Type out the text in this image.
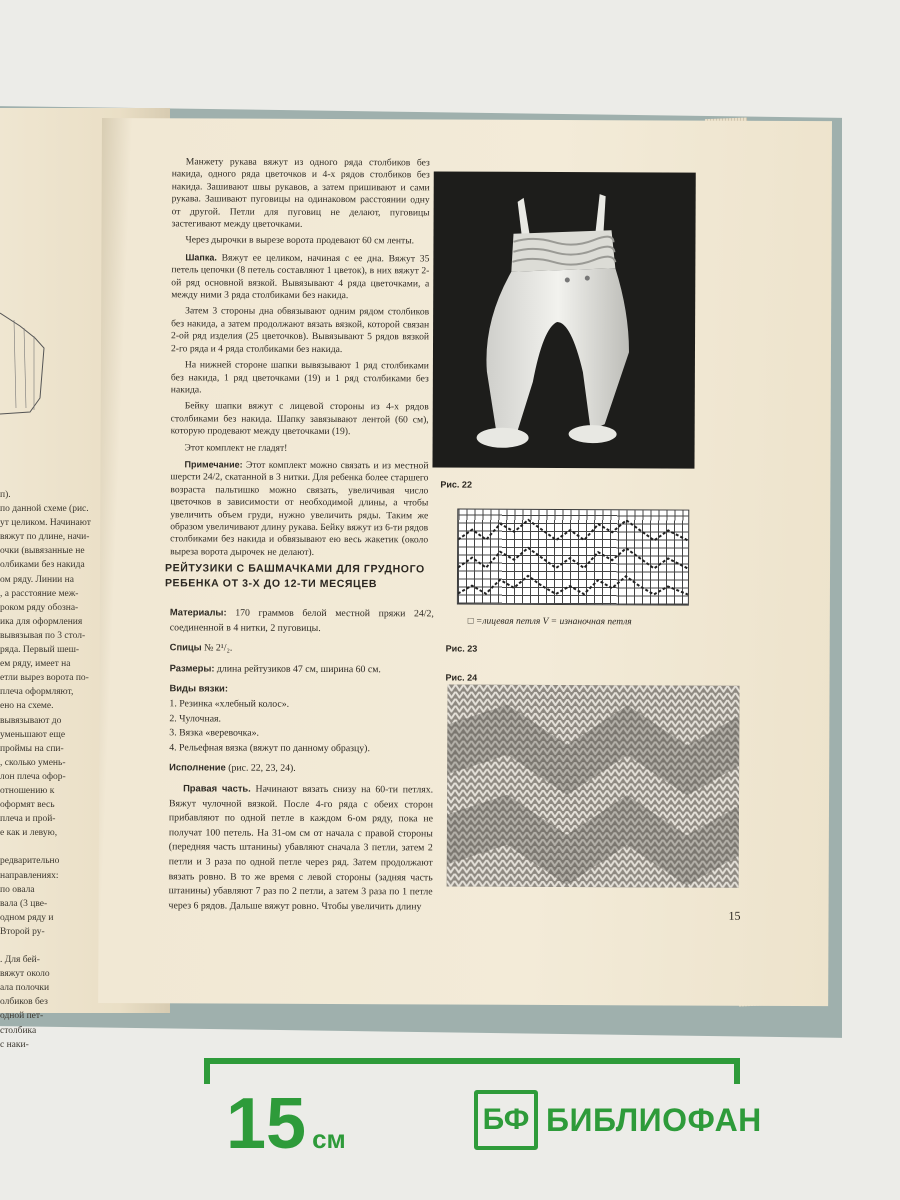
п).
по данной схеме (рис.
ут целиком. Начинают
вяжут по длине, начи-
очки (вывязанные не
олбиками без накида
ом ряду. Линии на
, а расстояние меж-
роком ряду обозна-
ика для оформления
вывязывая по 3 стол-
ряда. Первый шеш-
ем ряду, имеет на
етли вырез ворота по-
плеча оформляют,
ено на схеме.
вывязывают до
уменьшают еще
проймы на спи-
, сколько умень-
лон плеча офор-
отношению к
оформят весь
плеча и прой-
е как и левую,

редварительно
направлениях:
по овала
вала (3 цве-
одном ряду и
Второй ру-

. Для бей-
вяжут около
ала полочки
олбиков без
одной пет-
столбика
с наки-

Манжету рукава вяжут из одного ряда столбиков без накида, одного ряда цветочков и 4-х рядов столбиков без накида. Зашивают швы рукавов, а затем пришивают и сами рукава. Зашивают пуговицы на одинаковом расстоянии одну от другой. Петли для пуговиц не делают, пуговицы застегивают между цветочками.

Через дырочки в вырезе ворота продевают 60 см ленты.

Шапка. Вяжут ее целиком, начиная с ее дна. Вяжут 35 петель цепочки (8 петель составляют 1 цветок), в них вяжут 2-ой ряд основной вязкой. Вывязывают 4 ряда цветочками, а между ними 3 ряда столбиками без накида.

Затем 3 стороны дна обвязывают одним рядом столбиков без накида, а затем продолжают вязать вязкой, которой связан 2-ой ряд изделия (25 цветочков). Вывязывают 5 рядов вязкой 2-го ряда и 4 ряда столбиками без накида.

На нижней стороне шапки вывязывают 1 ряд столбиками без накида, 1 ряд цветочками (19) и 1 ряд столбиками без накида.

Бейку шапки вяжут с лицевой стороны из 4-х рядов столбиками без накида. Шапку завязывают лентой (60 см), которую продевают между цветочками (19).

Этот комплект не гладят!

Примечание: Этот комплект можно связать и из местной шерсти 24/2, скатанной в 3 нитки. Для ребенка более старшего возраста пальтишко можно связать, увеличивая число цветочков в зависимости от необходимой длины, а чтобы увеличить объем груди, нужно увеличить ряды. Таким же образом увеличивают длину рукава. Бейку вяжут из 6-ти рядов столбиками без накида и обвязывают ею весь жакетик (около выреза ворота дырочек не делают).

РЕЙТУЗИКИ С БАШМАЧКАМИ ДЛЯ ГРУДНОГО РЕБЕНКА ОТ 3-Х ДО 12-ТИ МЕСЯЦЕВ

Материалы: 170 граммов белой местной пряжи 24/2, соединенной в 4 нитки, 2 пуговицы.

Спицы № 2¹/₂.

Размеры: длина рейтузиков 47 см, ширина 60 см.

Виды вязки:

1. Резинка «хлебный колос».
2. Чулочная.
3. Вязка «веревочка».
4. Рельефная вязка (вяжут по данному образцу).

Исполнение (рис. 22, 23, 24).

Правая часть. Начинают вязать снизу на 60-ти петлях. Вяжут чулочной вязкой. После 4-го ряда с обеих сторон прибавляют по одной петле в каждом 6-ом ряду, пока не получат 100 петель. На 31-ом см от начала с правой стороны (передняя часть штанины) убавляют сначала 3 петли, затем 2 петли и 3 раза по одной петле через ряд. Затем продолжают вязать ровно. В то же время с левой стороны (задняя часть штанины) убавляют 7 раз по 2 петли, а затем 3 раза по 1 петле через 6 рядов. Дальше вяжут ровно. Чтобы увеличить длину

Рис. 22
□ =лицевая петля V = изнаночная петля
Рис. 23
Рис. 24
15
15 см
БФ БИБЛИОФАН
